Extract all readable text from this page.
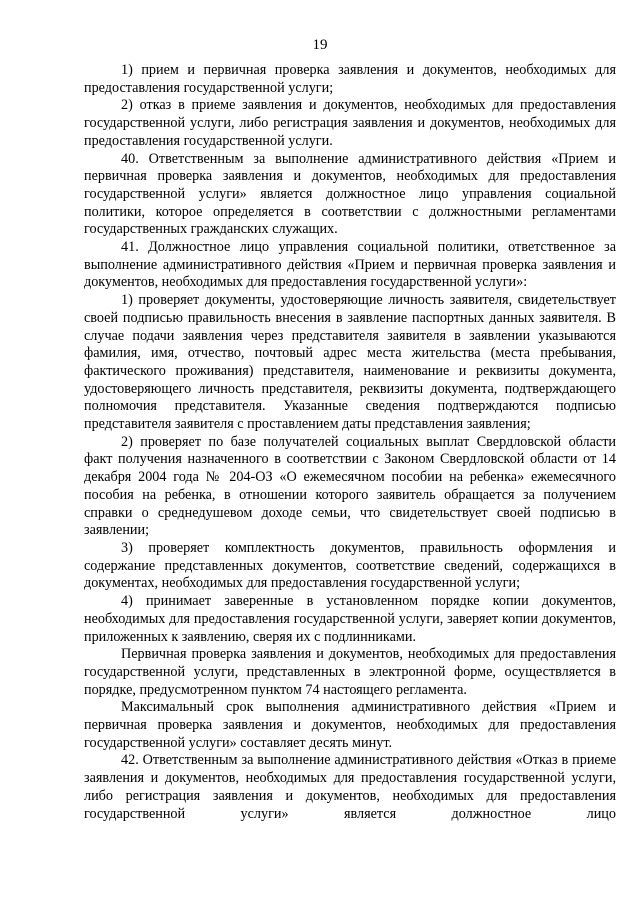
19

1) прием и первичная проверка заявления и документов, необходимых для предоставления государственной услуги;

2) отказ в приеме заявления и документов, необходимых для предоставления государственной услуги, либо регистрация заявления и документов, необходимых для предоставления государственной услуги.

40. Ответственным за выполнение административного действия «Прием и первичная проверка заявления и документов, необходимых для предоставления государственной услуги» является должностное лицо управления социальной политики, которое определяется в соответствии с должностными регламентами государственных гражданских служащих.

41. Должностное лицо управления социальной политики, ответственное за выполнение административного действия «Прием и первичная проверка заявления и документов, необходимых для предоставления государственной услуги»:

1) проверяет документы, удостоверяющие личность заявителя, свидетельствует своей подписью правильность внесения в заявление паспортных данных заявителя. В случае подачи заявления через представителя заявителя в заявлении указываются фамилия, имя, отчество, почтовый адрес места жительства (места пребывания, фактического проживания) представителя, наименование и реквизиты документа, удостоверяющего личность представителя, реквизиты документа, подтверждающего полномочия представителя. Указанные сведения подтверждаются подписью представителя заявителя с проставлением даты представления заявления;

2) проверяет по базе получателей социальных выплат Свердловской области факт получения назначенного в соответствии с Законом Свердловской области от 14 декабря 2004 года № 204-ОЗ «О ежемесячном пособии на ребенка» ежемесячного пособия на ребенка, в отношении которого заявитель обращается за получением справки о среднедушевом доходе семьи, что свидетельствует своей подписью в заявлении;

3) проверяет комплектность документов, правильность оформления и содержание представленных документов, соответствие сведений, содержащихся в документах, необходимых для предоставления государственной услуги;

4) принимает заверенные в установленном порядке копии документов, необходимых для предоставления государственной услуги, заверяет копии документов, приложенных к заявлению, сверяя их с подлинниками.

Первичная проверка заявления и документов, необходимых для предоставления государственной услуги, представленных в электронной форме, осуществляется в порядке, предусмотренном пунктом 74 настоящего регламента.

Максимальный срок выполнения административного действия «Прием и первичная проверка заявления и документов, необходимых для предоставления государственной услуги» составляет десять минут.

42. Ответственным за выполнение административного действия «Отказ в приеме заявления и документов, необходимых для предоставления государственной услуги, либо регистрация заявления и документов, необходимых для предоставления государственной услуги» является должностное лицо
